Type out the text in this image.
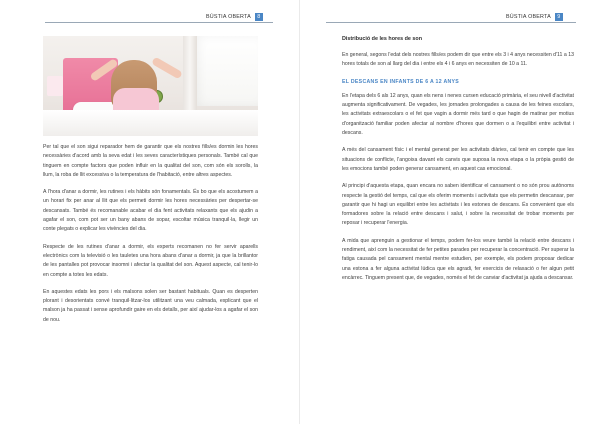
BÚSTIA OBERTA	8

Per tal que el son sigui reparador hem de garantir que els nostres fills/es dormin les hores necessàries d'acord amb la seva edat i les seves característiques personals. També cal que tinguem en compte factors que poden influir en la qualitat del son, com són els sorolls, la llum, la roba de llit excessiva o la temperatura de l'habitació, entre altres aspectes.

A l'hora d'anar a dormir, les rutines i els hàbits són fonamentals. És bo que els acostumem a un horari fix per anar al llit que els permeti dormir les hores necessàries per despertar-se descansats. També és recomanable acabar el dia fent activitats relaxants que els ajudin a agafar el son, com pot ser un bany abans de sopar, escoltar música tranquil·la, llegir un conte plegats o explicar les vivències del dia.

Respecte de les rutines d'anar a dormir, els experts recomanen no fer servir aparells electrònics com la televisió o les tauletes una hora abans d'anar a dormir, ja que la brillantor de les pantalles pot provocar insomni i afectar la qualitat del son. Aquest aspecte, cal tenir-lo en compte a totes les edats.

En aquestes edats les pors i els malsons solen ser bastant habituals. Quan es desperten plorant i desorientats convé tranquil·litzar-los utilitzant una veu calmada, explicant que el malson ja ha passat i sense aprofundir gaire en els detalls, per així ajudar-los a agafar el son de nou.

BÚSTIA OBERTA	9
Distribució de les hores de son

En general, segons l'edat dels nostres fills/es podem dir que entre els 3 i 4 anys necessiten d'11 a 13 hores totals de son al llarg del dia i entre els 4 i 6 anys en necessiten de 10 a 11.

EL DESCANS EN INFANTS DE 6 A 12 ANYS

En l'etapa dels 6 als 12 anys, quan els nens i nenes cursen educació primària, el seu nivell d'activitat augmenta significativament. De vegades, les jornades prolongades a causa de les feines escolars, les activitats extraescolars o el fet que vagin a dormir més tard o que hagin de matinar per motius d'organització familiar poden afectar al nombre d'hores que dormen o a l'equilibri entre activitat i descans.

A més del cansament físic i el mental generat per les activitats diàries, cal tenir en compte que les situacions de conflicte, l'angoixa davant els canvis que suposa la nova etapa o la pròpia gestió de les emocions també poden generar cansament, en aquest cas emocional.

Al principi d'aquesta etapa, quan encara no saben identificar el cansament o no són prou autònoms respecte la gestió del temps, cal que els oferim moments i activitats que els permetin descansar, per garantir que hi hagi un equilibri entre les activitats i les estones de descans. És convenient que els formadores sobre la relació entre descans i salut, i sobre la necessitat de trobar moments per reposar i recuperar l'energia.

A mida que aprenguin a gestionar el temps, podem fer-los veure també la relació entre descans i rendiment, així com la necessitat de fer petites parades per recuperar la concentració. Per superar la fatiga causada pel cansament mental mentre estudien, per exemple, els podem proposar dedicar una estona a fer alguna activitat lúdica que els agradi, fer exercicis de relaxació o fer algun petit encàrrec. Tinguem present que, de vegades, només el fet de canviar d'activitat ja ajuda a descansar.
